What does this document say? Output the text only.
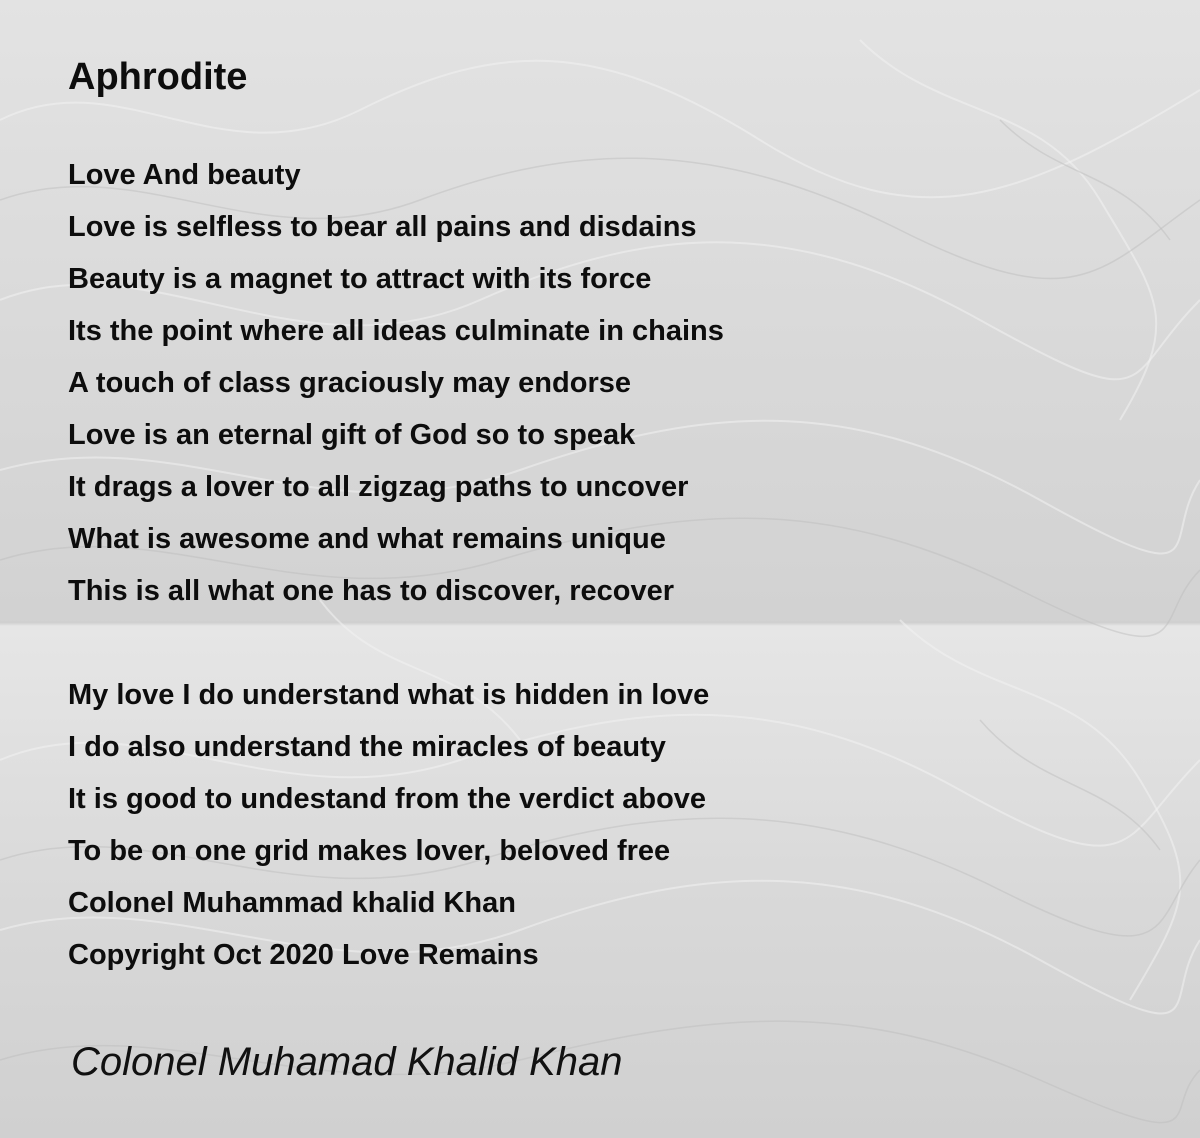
Aphrodite
Love And beauty
Love is selfless to bear all pains and disdains
Beauty is a magnet to attract with its force
Its the point where all ideas culminate in chains
A touch of class graciously may endorse
Love is an eternal gift of God so to speak
It drags a lover to all zigzag paths to uncover
What is awesome and what remains unique
This is all what one has to discover, recover
My love I do understand what is hidden in love
I do also understand the miracles of beauty
It is good to undestand from the verdict above
To be on one grid makes lover, beloved free
Colonel Muhammad khalid Khan
Copyright Oct 2020 Love Remains
Colonel Muhamad Khalid Khan
